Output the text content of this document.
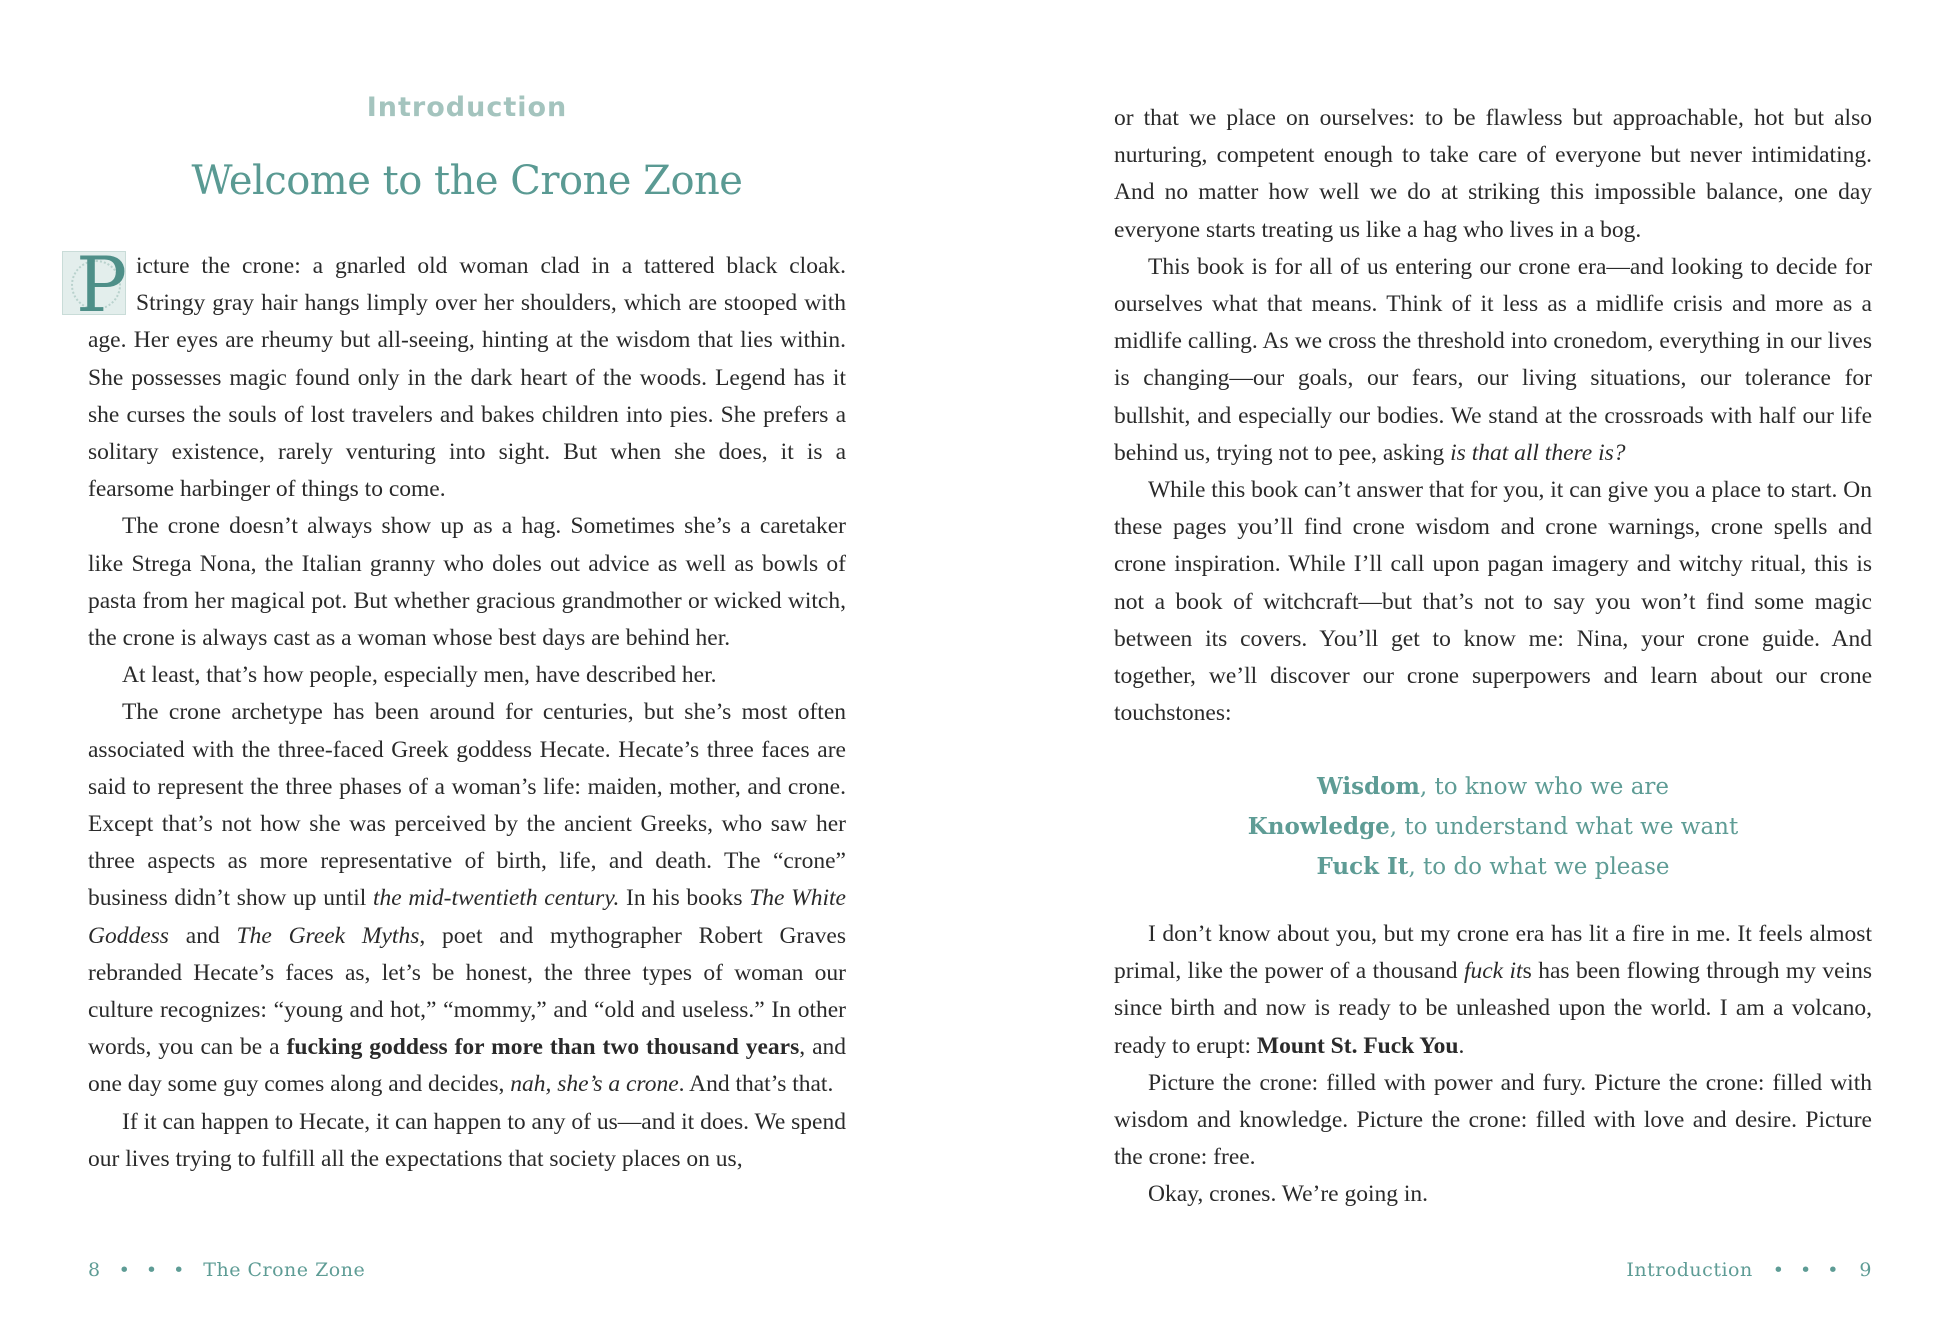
Introduction
Welcome to the Crone Zone

P icture the crone: a gnarled old woman clad in a tattered black cloak. Stringy gray hair hangs limply over her shoulders, which are stooped with age. Her eyes are rheumy but all-seeing, hinting at the wisdom that lies within. She possesses magic found only in the dark heart of the woods. Legend has it she curses the souls of lost travelers and bakes children into pies. She prefers a solitary existence, rarely venturing into sight. But when she does, it is a fearsome harbinger of things to come.

The crone doesn’t always show up as a hag. Sometimes she’s a caretaker like Strega Nona, the Italian granny who doles out advice as well as bowls of pasta from her magical pot. But whether gracious grandmother or wicked witch, the crone is always cast as a woman whose best days are behind her.

At least, that’s how people, especially men, have described her.

The crone archetype has been around for centuries, but she’s most often associated with the three-faced Greek goddess Hecate. Hecate’s three faces are said to represent the three phases of a woman’s life: maiden, mother, and crone. Except that’s not how she was perceived by the ancient Greeks, who saw her three aspects as more representative of birth, life, and death. The “crone” business didn’t show up until the mid-twentieth century. In his books The White Goddess and The Greek Myths, poet and mythographer Robert Graves rebranded Hecate’s faces as, let’s be honest, the three types of woman our culture recognizes: “young and hot,” “mommy,” and “old and useless.” In other words, you can be a fucking goddess for more than two thousand years, and one day some guy comes along and decides, nah, she’s a crone. And that’s that.

If it can happen to Hecate, it can happen to any of us—and it does. We spend our lives trying to fulfill all the expectations that society places on us,

8 • • • The Crone Zone

or that we place on ourselves: to be flawless but approachable, hot but also nurturing, competent enough to take care of everyone but never intimidating. And no matter how well we do at striking this impossible balance, one day everyone starts treating us like a hag who lives in a bog.

This book is for all of us entering our crone era—and looking to decide for ourselves what that means. Think of it less as a midlife crisis and more as a midlife calling. As we cross the threshold into cronedom, everything in our lives is changing—our goals, our fears, our living situations, our tolerance for bullshit, and especially our bodies. We stand at the crossroads with half our life behind us, trying not to pee, asking is that all there is?

While this book can’t answer that for you, it can give you a place to start. On these pages you’ll find crone wisdom and crone warnings, crone spells and crone inspiration. While I’ll call upon pagan imagery and witchy ritual, this is not a book of witchcraft—but that’s not to say you won’t find some magic between its covers. You’ll get to know me: Nina, your crone guide. And together, we’ll discover our crone superpowers and learn about our crone touchstones:

Wisdom, to know who we are
Knowledge, to understand what we want
Fuck It, to do what we please

I don’t know about you, but my crone era has lit a fire in me. It feels almost primal, like the power of a thousand fuck its has been flowing through my veins since birth and now is ready to be unleashed upon the world. I am a volcano, ready to erupt: Mount St. Fuck You.

Picture the crone: filled with power and fury. Picture the crone: filled with wisdom and knowledge. Picture the crone: filled with love and desire. Picture the crone: free.

Okay, crones. We’re going in.

Introduction • • • 9
